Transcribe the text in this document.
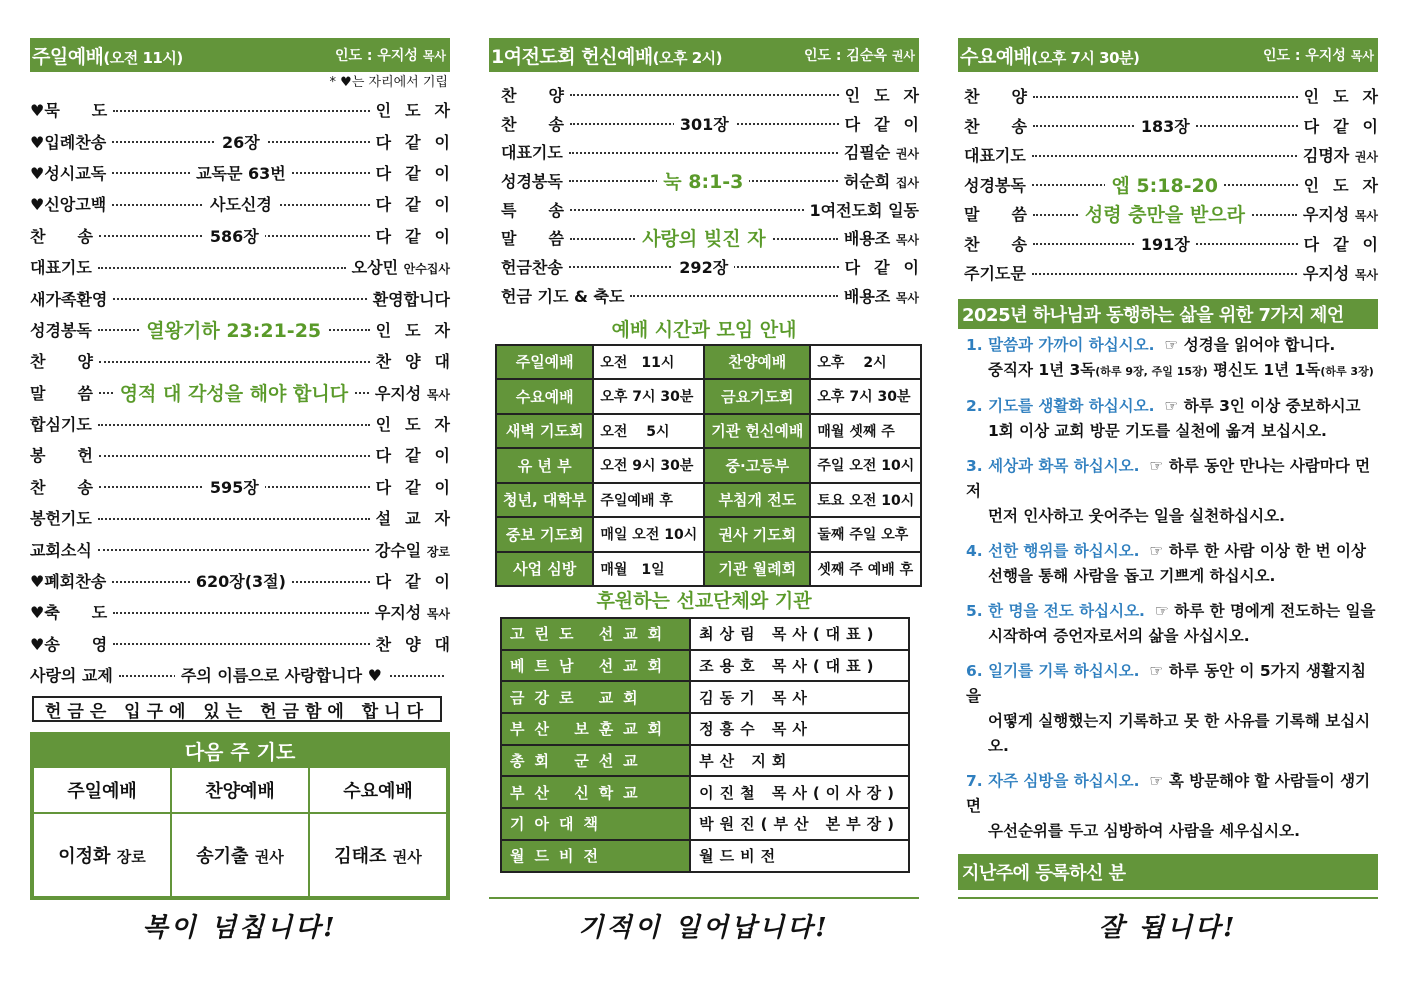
주일예배(오전 11시)	인도 : 우지성 목사
* ♥는 자리에서 기립
♥묵　　도	인도자
♥입례찬송	26장	다같이
♥성시교독	교독문 63번	다같이
♥신앙고백	사도신경	다같이
찬　　송	586장	다같이
대표기도	오상민 안수집사
새가족환영	환영합니다
성경봉독	열왕기하 23:21-25	인도자
찬　　양	찬양대
말　　씀	영적 대 각성을 해야 합니다	우지성 목사
합심기도	인도자
봉　　헌	다같이
찬　　송	595장	다같이
봉헌기도	설교자
교회소식	강수일 장로
♥폐회찬송	620장(3절)	다같이
♥축　　도	우지성 목사
♥송　　영	찬양대
사랑의 교제	주의 이름으로 사랑합니다 ♥
헌금은 입구에 있는 헌금함에 합니다
다음 주 기도
주일예배	찬양예배	수요예배
이정화 장로	송기출 권사	김태조 권사
1여전도회 헌신예배(오후 2시)	인도 : 김순옥 권사
찬　　양	인도자
찬　　송	301장	다같이
대표기도	김필순 권사
성경봉독	눅 8:1-3	허순희 집사
특　　송	1여전도회 일동
말　　씀	사랑의 빚진 자	배용조 목사
헌금찬송	292장	다같이
헌금 기도 & 축도	배용조 목사
예배 시간과 모임 안내
주일예배	오전　11시	찬양예배	오후　 2시
수요예배	오후 7시 30분	금요기도회	오후 7시 30분
새벽 기도회	오전　 5시	기관 헌신예배	매월 셋째 주
유 년 부	오전 9시 30분	중·고등부	주일 오전 10시
청년, 대학부	주일예배 후	부침개 전도	토요 오전 10시
중보 기도회	매일 오전 10시	권사 기도회	둘째 주일 오후
사업 심방	매월　1일	기관 월례회	셋째 주 예배 후
후원하는 선교단체와 기관
고린도 선교회	최상림 목사(대표)
베트남 선교회	조용호 목사(대표)
금강로 교회	김동기 목사
부산 보훈교회	정흥수 목사
총회 군선교	부산 지회
부산 신학교	이진철 목사(이사장)
기아대책	박원진(부산 본부장)
월드비전	월드비전
수요예배(오후 7시 30분)	인도 : 우지성 목사
찬　　양	인도자
찬　　송	183장	다같이
대표기도	김명자 권사
성경봉독	엡 5:18-20	인도자
말　　씀	성령 충만을 받으라	우지성 목사
찬　　송	191장	다같이
주기도문	우지성 목사
2025년 하나님과 동행하는 삶을 위한 7가지 제언
1. 말씀과 가까이 하십시오. ☞ 성경을 읽어야 합니다.
중직자 1년 3독(하루 9장, 주일 15장) 평신도 1년 1독(하루 3장)
2. 기도를 생활화 하십시오. ☞ 하루 3인 이상 중보하시고
1회 이상 교회 방문 기도를 실천에 옮겨 보십시오.
3. 세상과 화목 하십시오. ☞ 하루 동안 만나는 사람마다 먼저
먼저 인사하고 웃어주는 일을 실천하십시오.
4. 선한 행위를 하십시오. ☞ 하루 한 사람 이상 한 번 이상
선행을 통해 사람을 돕고 기쁘게 하십시오.
5. 한 명을 전도 하십시오. ☞ 하루 한 명에게 전도하는 일을
시작하여 증언자로서의 삶을 사십시오.
6. 일기를 기록 하십시오. ☞ 하루 동안 이 5가지 생활지침을
어떻게 실행했는지 기록하고 못 한 사유를 기록해 보십시오.
7. 자주 심방을 하십시오. ☞ 혹 방문해야 할 사람들이 생기면
우선순위를 두고 심방하여 사람을 세우십시오.
지난주에 등록하신 분
복이 넘칩니다!	기적이 일어납니다!	잘 됩니다!
